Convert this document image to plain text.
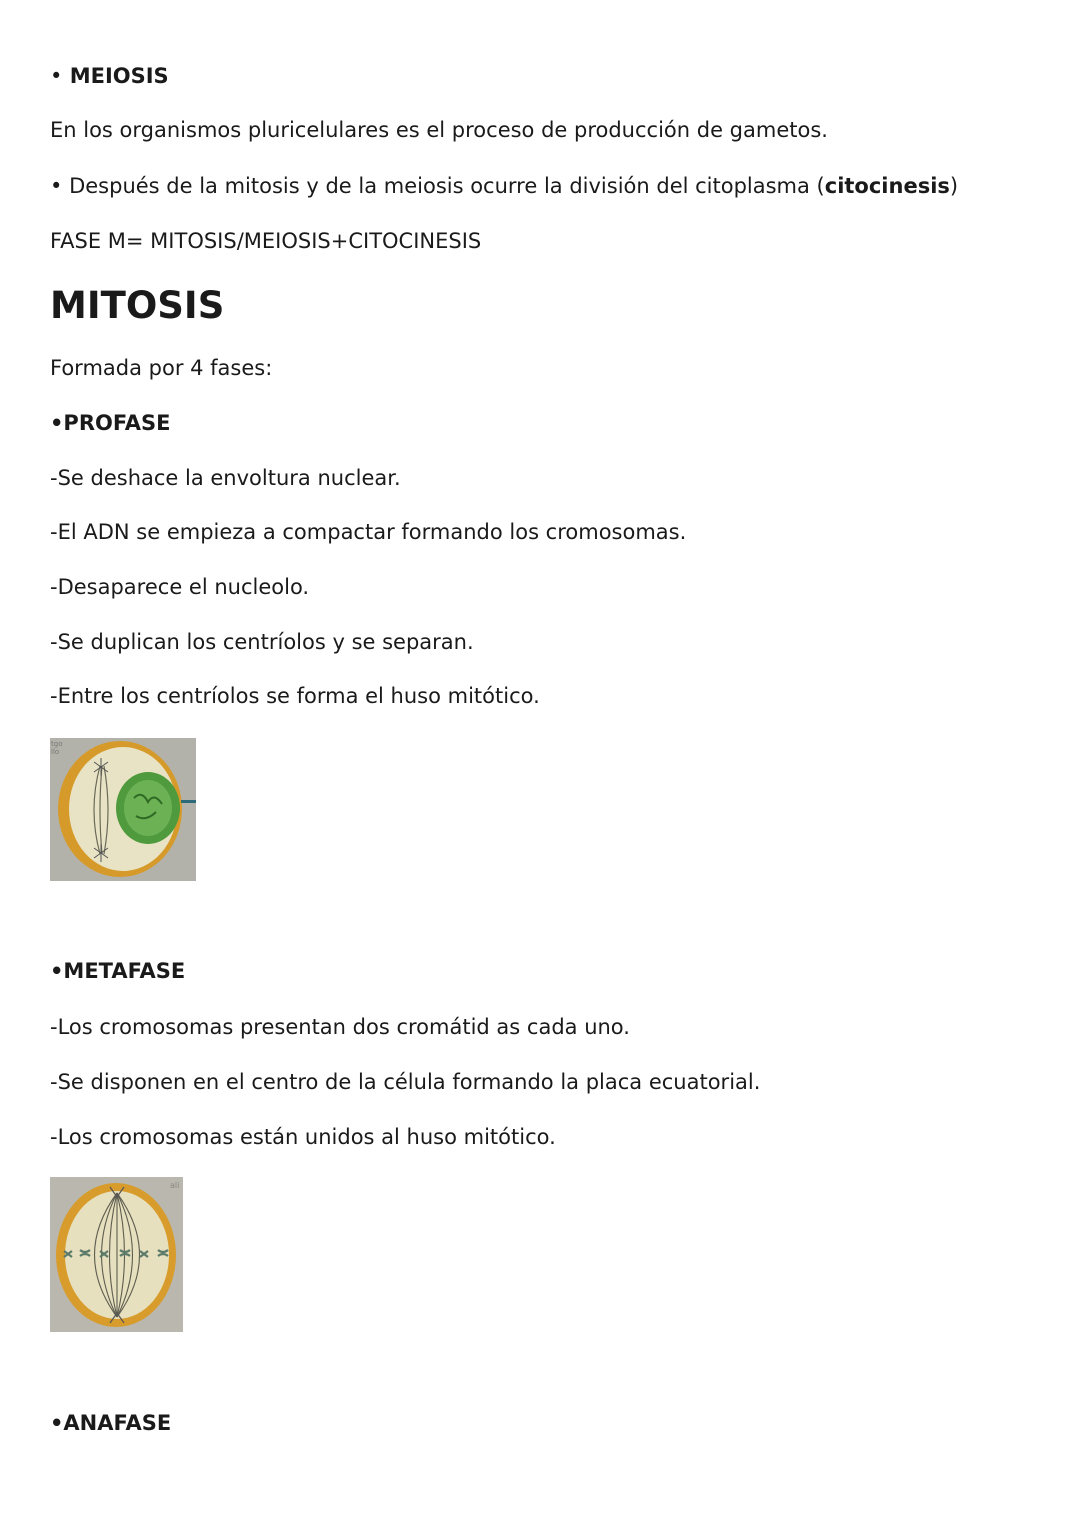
• MEIOSIS

En los organismos pluricelulares es el proceso de producción de gametos.

• Después de la mitosis y de la meiosis ocurre la división del citoplasma (citocinesis)

FASE M= MITOSIS/MEIOSIS+CITOCINESIS

MITOSIS

Formada por 4 fases:

•PROFASE

-Se deshace la envoltura nuclear.

-El ADN se empieza a compactar formando los cromosomas.

-Desaparece el nucleolo.

-Se duplican los centríolos y se separan.

-Entre los centríolos se forma el huso mitótico.

tgo
llo

•METAFASE

-Los cromosomas presentan dos cromátid as cada uno.

-Se disponen en el centro de la célula formando la placa ecuatorial.

-Los cromosomas están unidos al huso mitótico.

ali

•ANAFASE
